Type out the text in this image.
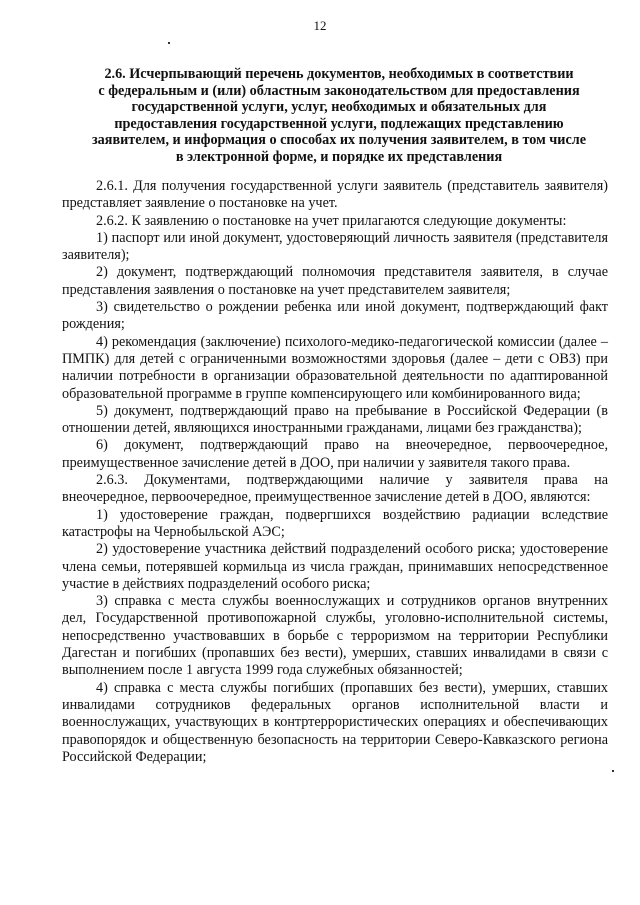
12
2.6. Исчерпывающий перечень документов, необходимых в соответствии
с федеральным и (или) областным законодательством для предоставления
государственной услуги, услуг, необходимых и обязательных для
предоставления государственной услуги, подлежащих представлению
заявителем, и информация о способах их получения заявителем, в том числе
в электронной форме, и порядке их представления

2.6.1. Для получения государственной услуги заявитель (представитель заявителя) представляет заявление о постановке на учет.

2.6.2. К заявлению о постановке на учет прилагаются следующие документы:

1) паспорт или иной документ, удостоверяющий личность заявителя (представителя заявителя);

2) документ, подтверждающий полномочия представителя заявителя, в случае представления заявления о постановке на учет представителем заявителя;

3) свидетельство о рождении ребенка или иной документ, подтверждающий факт рождения;

4) рекомендация (заключение) психолого-медико-педагогической комиссии (далее – ПМПК) для детей с ограниченными возможностями здоровья (далее – дети с ОВЗ) при наличии потребности в организации образовательной деятельности по адаптированной образовательной программе в группе компенсирующего или комбинированного вида;

5) документ, подтверждающий право на пребывание в Российской Федерации (в отношении детей, являющихся иностранными гражданами, лицами без гражданства);

6) документ, подтверждающий право на внеочередное, первоочередное, преимущественное зачисление детей в ДОО, при наличии у заявителя такого права.

2.6.3. Документами, подтверждающими наличие у заявителя права на внеочередное, первоочередное, преимущественное зачисление детей в ДОО, являются:

1) удостоверение граждан, подвергшихся воздействию радиации вследствие катастрофы на Чернобыльской АЭС;

2) удостоверение участника действий подразделений особого риска; удостоверение члена семьи, потерявшей кормильца из числа граждан, принимавших непосредственное участие в действиях подразделений особого риска;

3) справка с места службы военнослужащих и сотрудников органов внутренних дел, Государственной противопожарной службы, уголовно-исполнительной системы, непосредственно участвовавших в борьбе с терроризмом на территории Республики Дагестан и погибших (пропавших без вести), умерших, ставших инвалидами в связи с выполнением после 1 августа 1999 года служебных обязанностей;

4) справка с места службы погибших (пропавших без вести), умерших, ставших инвалидами сотрудников федеральных органов исполнительной власти и военнослужащих, участвующих в контртеррористических операциях и обеспечивающих правопорядок и общественную безопасность на территории Северо-Кавказского региона Российской Федерации;
